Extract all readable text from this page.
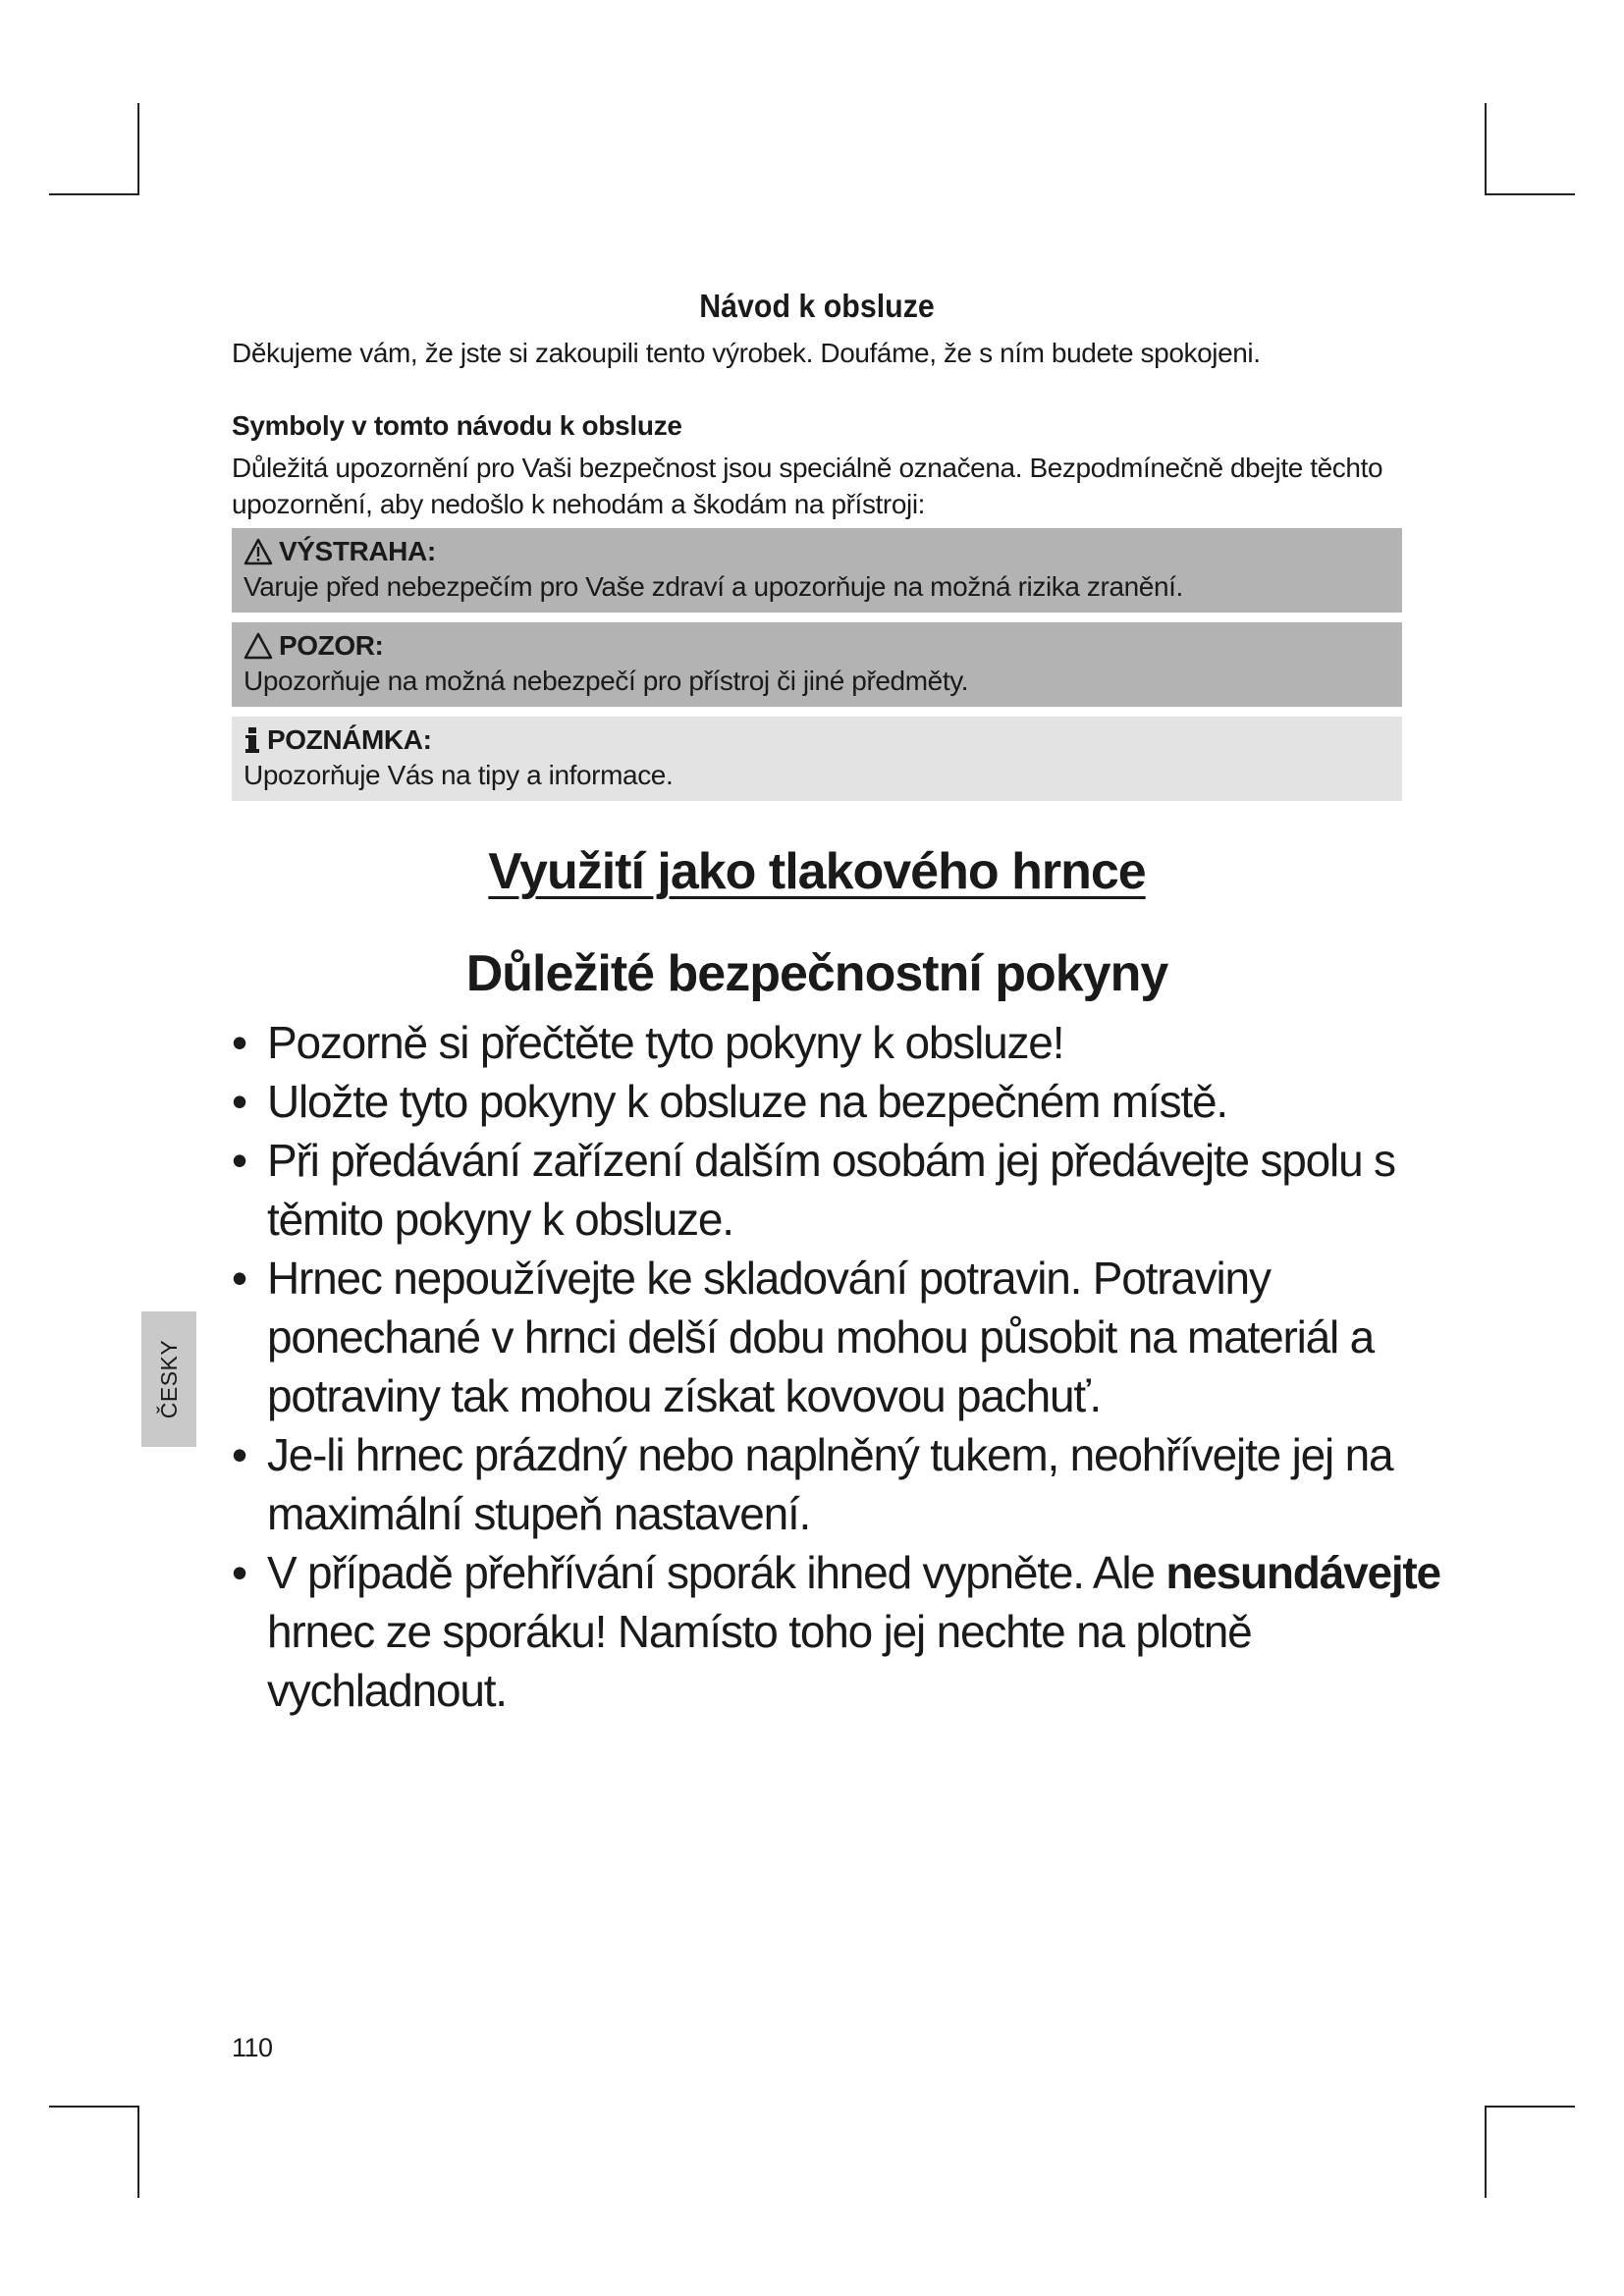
Návod k obsluze

Děkujeme vám, že jste si zakoupili tento výrobek. Doufáme, že s ním budete spokojeni.

Symboly v tomto návodu k obsluze

Důležitá upozornění pro Vaši bezpečnost jsou speciálně označena. Bezpodmínečně dbejte těchto upozornění, aby nedošlo k nehodám a škodám na přístroji:

VÝSTRAHA:
Varuje před nebezpečím pro Vaše zdraví a upozorňuje na možná rizika zranění.
POZOR:
Upozorňuje na možná nebezpečí pro přístroj či jiné předměty.
POZNÁMKA:
Upozorňuje Vás na tipy a informace.
Využití jako tlakového hrnce
Důležité bezpečnostní pokyny
• Pozorně si přečtěte tyto pokyny k obsluze!
• Uložte tyto pokyny k obsluze na bezpečném místě.
• Při předávání zařízení dalším osobám jej předávejte spolu s těmito pokyny k obsluze.
• Hrnec nepoužívejte ke skladování potravin. Potraviny ponechané v hrnci delší dobu mohou působit na materiál a potraviny tak mohou získat kovovou pachuť.
• Je-li hrnec prázdný nebo naplněný tukem, neohřívejte jej na maximální stupeň nastavení.
• V případě přehřívání sporák ihned vypněte. Ale nesundávejte hrnec ze sporáku! Namísto toho jej nechte na plotně vychladnout.
ČESKY
110
